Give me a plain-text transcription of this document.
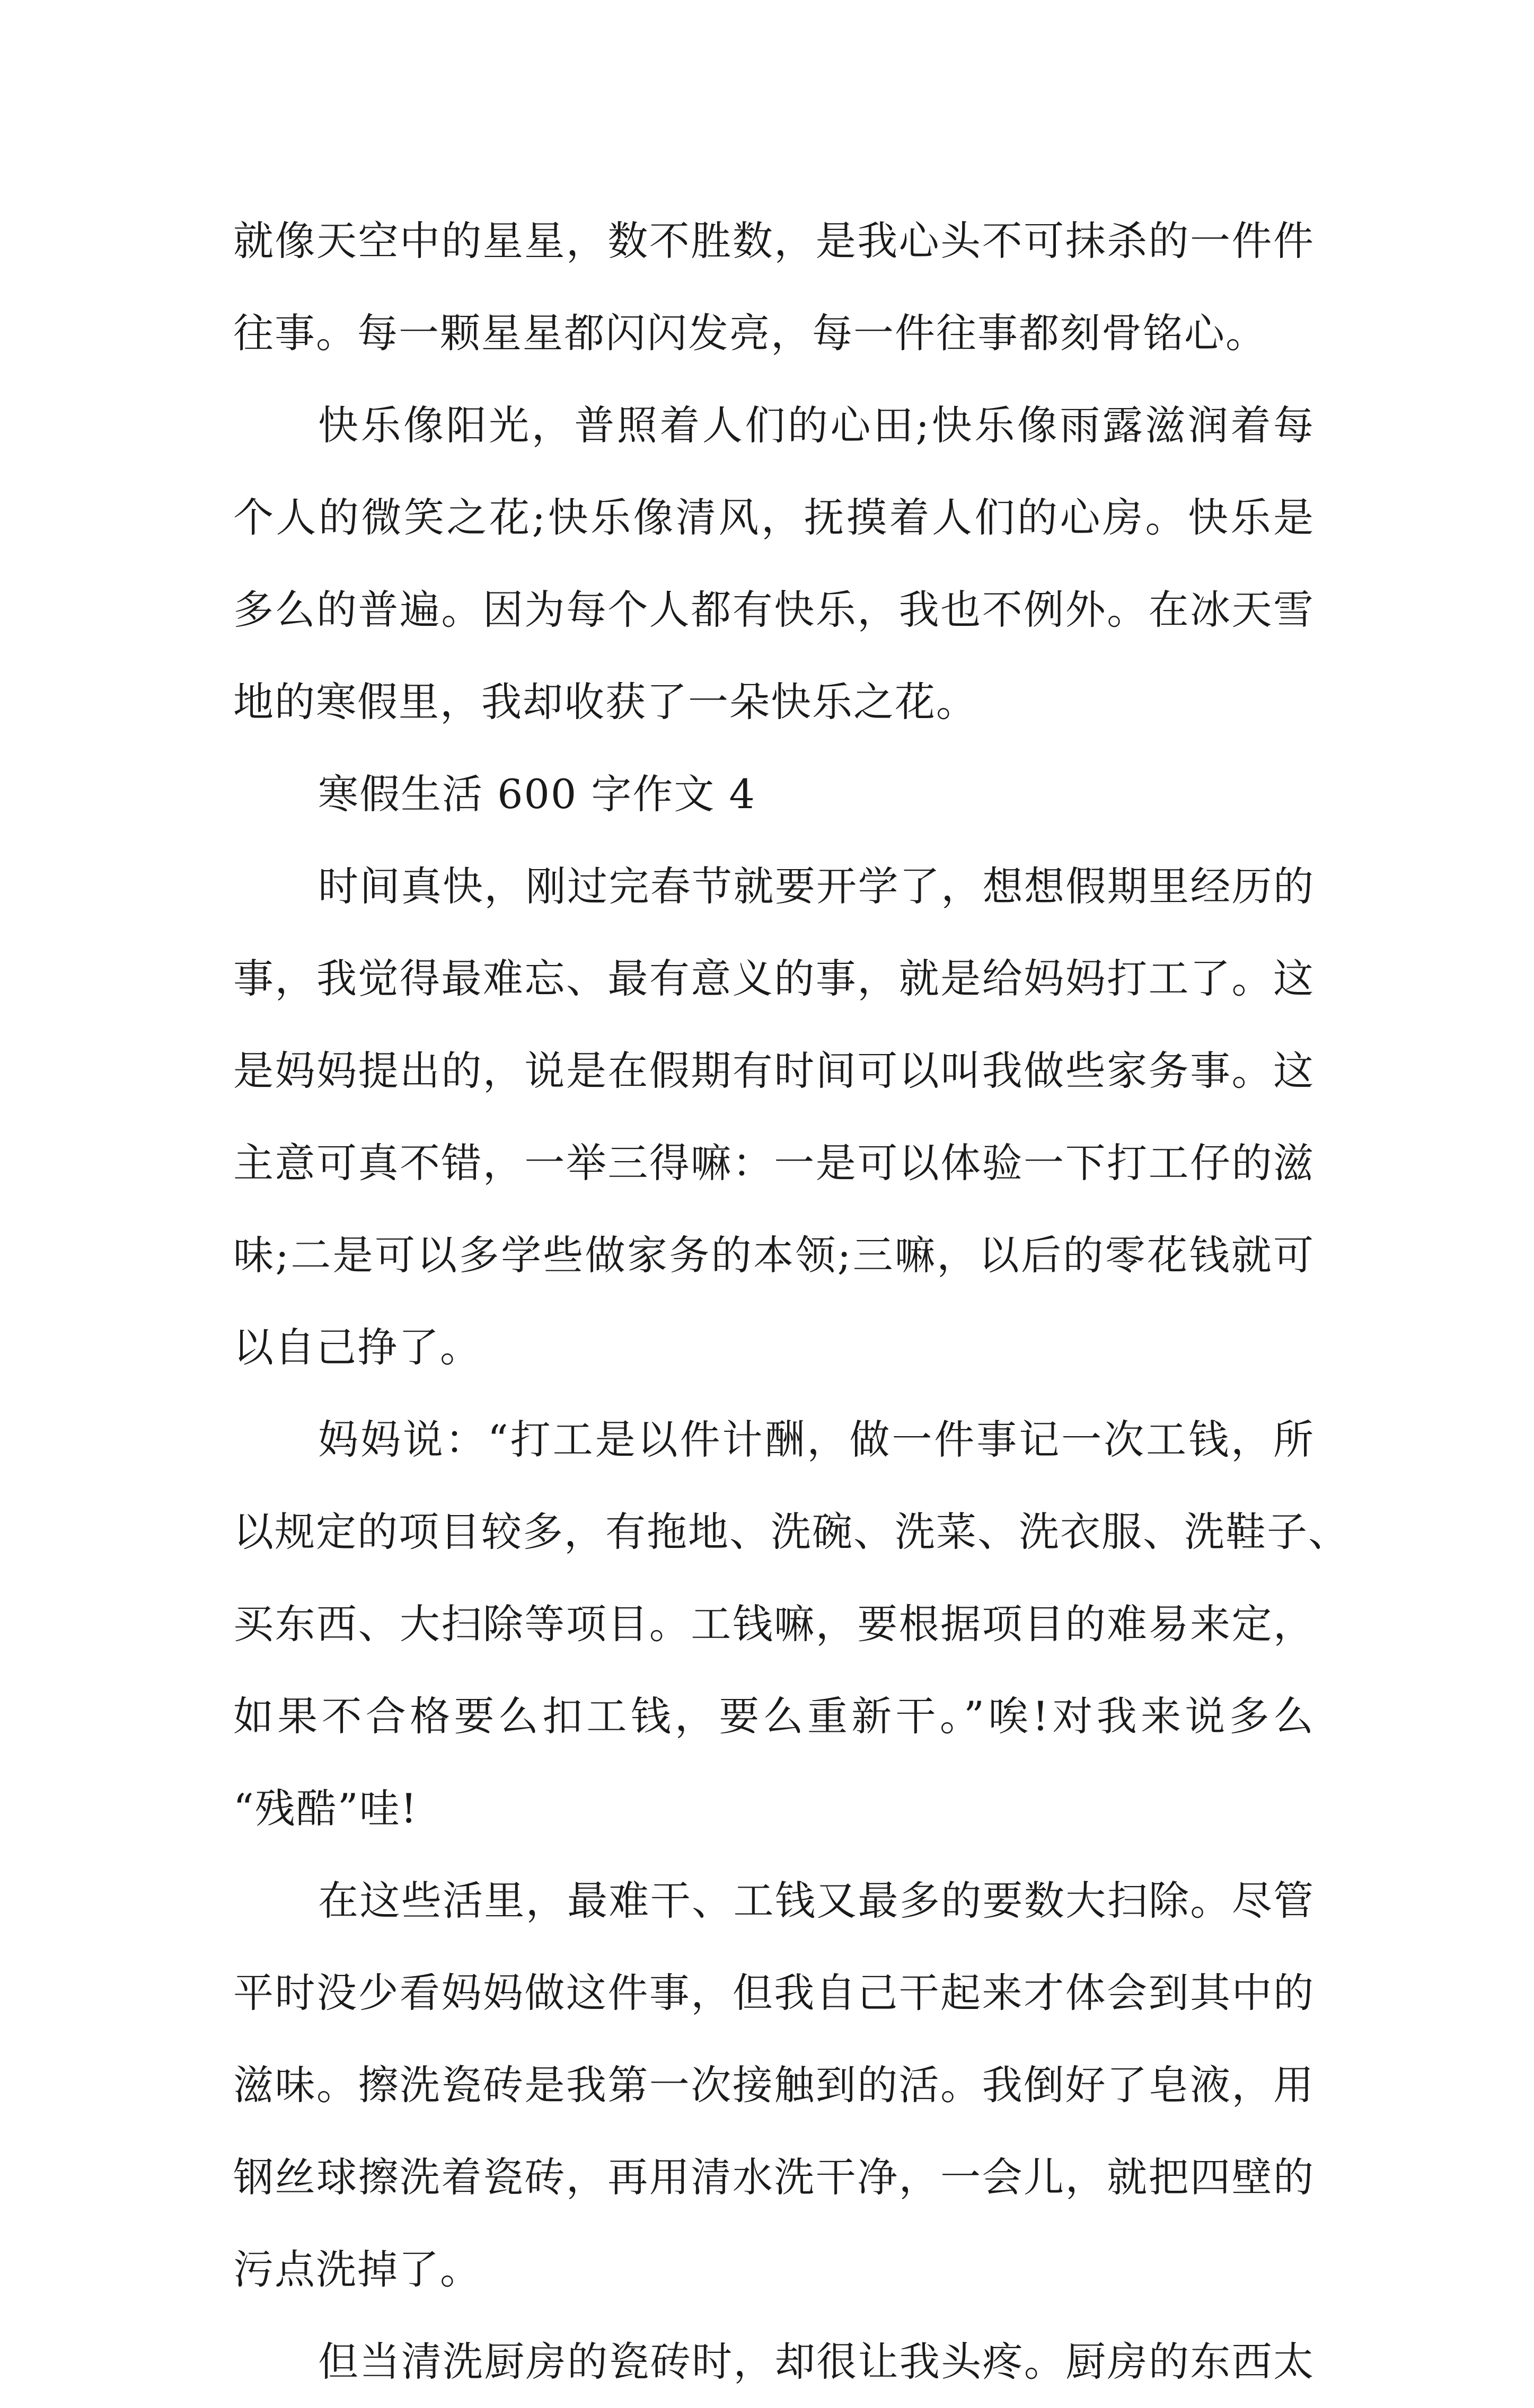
就像天空中的星星，数不胜数，是我心头不可抹杀的一件件
往事。每一颗星星都闪闪发亮，每一件往事都刻骨铭心。
快乐像阳光，普照着人们的心田;快乐像雨露滋润着每
个人的微笑之花;快乐像清风，抚摸着人们的心房。快乐是
多么的普遍。因为每个人都有快乐，我也不例外。在冰天雪
地的寒假里，我却收获了一朵快乐之花。
寒假生活 600 字作文 4
时间真快，刚过完春节就要开学了，想想假期里经历的
事，我觉得最难忘、最有意义的事，就是给妈妈打工了。这
是妈妈提出的，说是在假期有时间可以叫我做些家务事。这
主意可真不错，一举三得嘛：一是可以体验一下打工仔的滋
味;二是可以多学些做家务的本领;三嘛，以后的零花钱就可
以自己挣了。
妈妈说：“打工是以件计酬，做一件事记一次工钱，所
以规定的项目较多，有拖地、洗碗、洗菜、洗衣服、洗鞋子、
买东西、大扫除等项目。工钱嘛，要根据项目的难易来定，
如果不合格要么扣工钱，要么重新干。”唉!对我来说多么
“残酷”哇!
在这些活里，最难干、工钱又最多的要数大扫除。尽管
平时没少看妈妈做这件事，但我自己干起来才体会到其中的
滋味。擦洗瓷砖是我第一次接触到的活。我倒好了皂液，用
钢丝球擦洗着瓷砖，再用清水洗干净，一会儿，就把四壁的
污点洗掉了。
但当清洗厨房的瓷砖时，却很让我头疼。厨房的东西太
